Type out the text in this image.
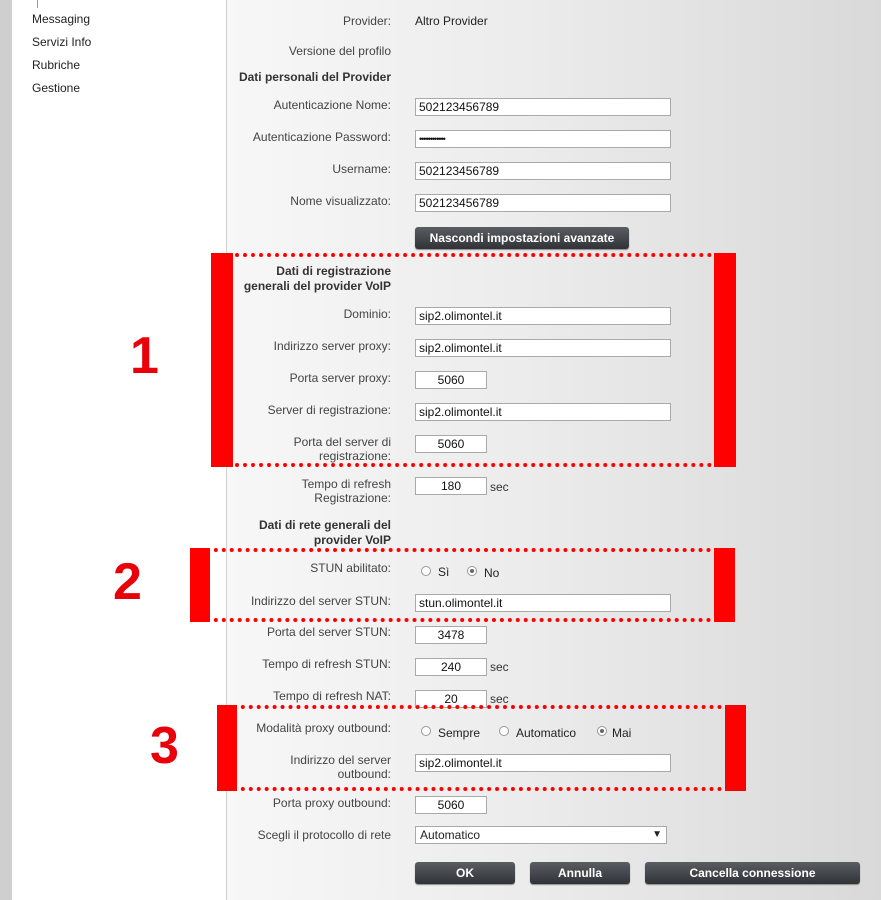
Messaging
Servizi Info
Rubriche
Gestione
Provider: Altro Provider
Versione del profilo
Dati personali del Provider
Autenticazione Nome:	502123456789
Autenticazione Password:	••••••••••••
Username:	502123456789
Nome visualizzato:	502123456789
Nascondi impostazioni avanzate
Dati di registrazione generali del provider VoIP
Dominio:	sip2.olimontel.it
Indirizzo server proxy:	sip2.olimontel.it
Porta server proxy:	5060
Server di registrazione:	sip2.olimontel.it
Porta del server di registrazione:
5060
Tempo di refresh Registrazione:
180	sec
Dati di rete generali del provider VoIP
STUN abilitato:	Sì	No
Indirizzo del server STUN:	stun.olimontel.it
Porta del server STUN:	3478
Tempo di refresh STUN:	240	sec
Tempo di refresh NAT:	20	sec
Modalità proxy outbound:	Sempre	Automatico	Mai
Indirizzo del server outbound:
sip2.olimontel.it
Porta proxy outbound:	5060
Scegli il protocollo di rete	Automatico	▼
OK	Annulla	Cancella connessione
1
2
3
